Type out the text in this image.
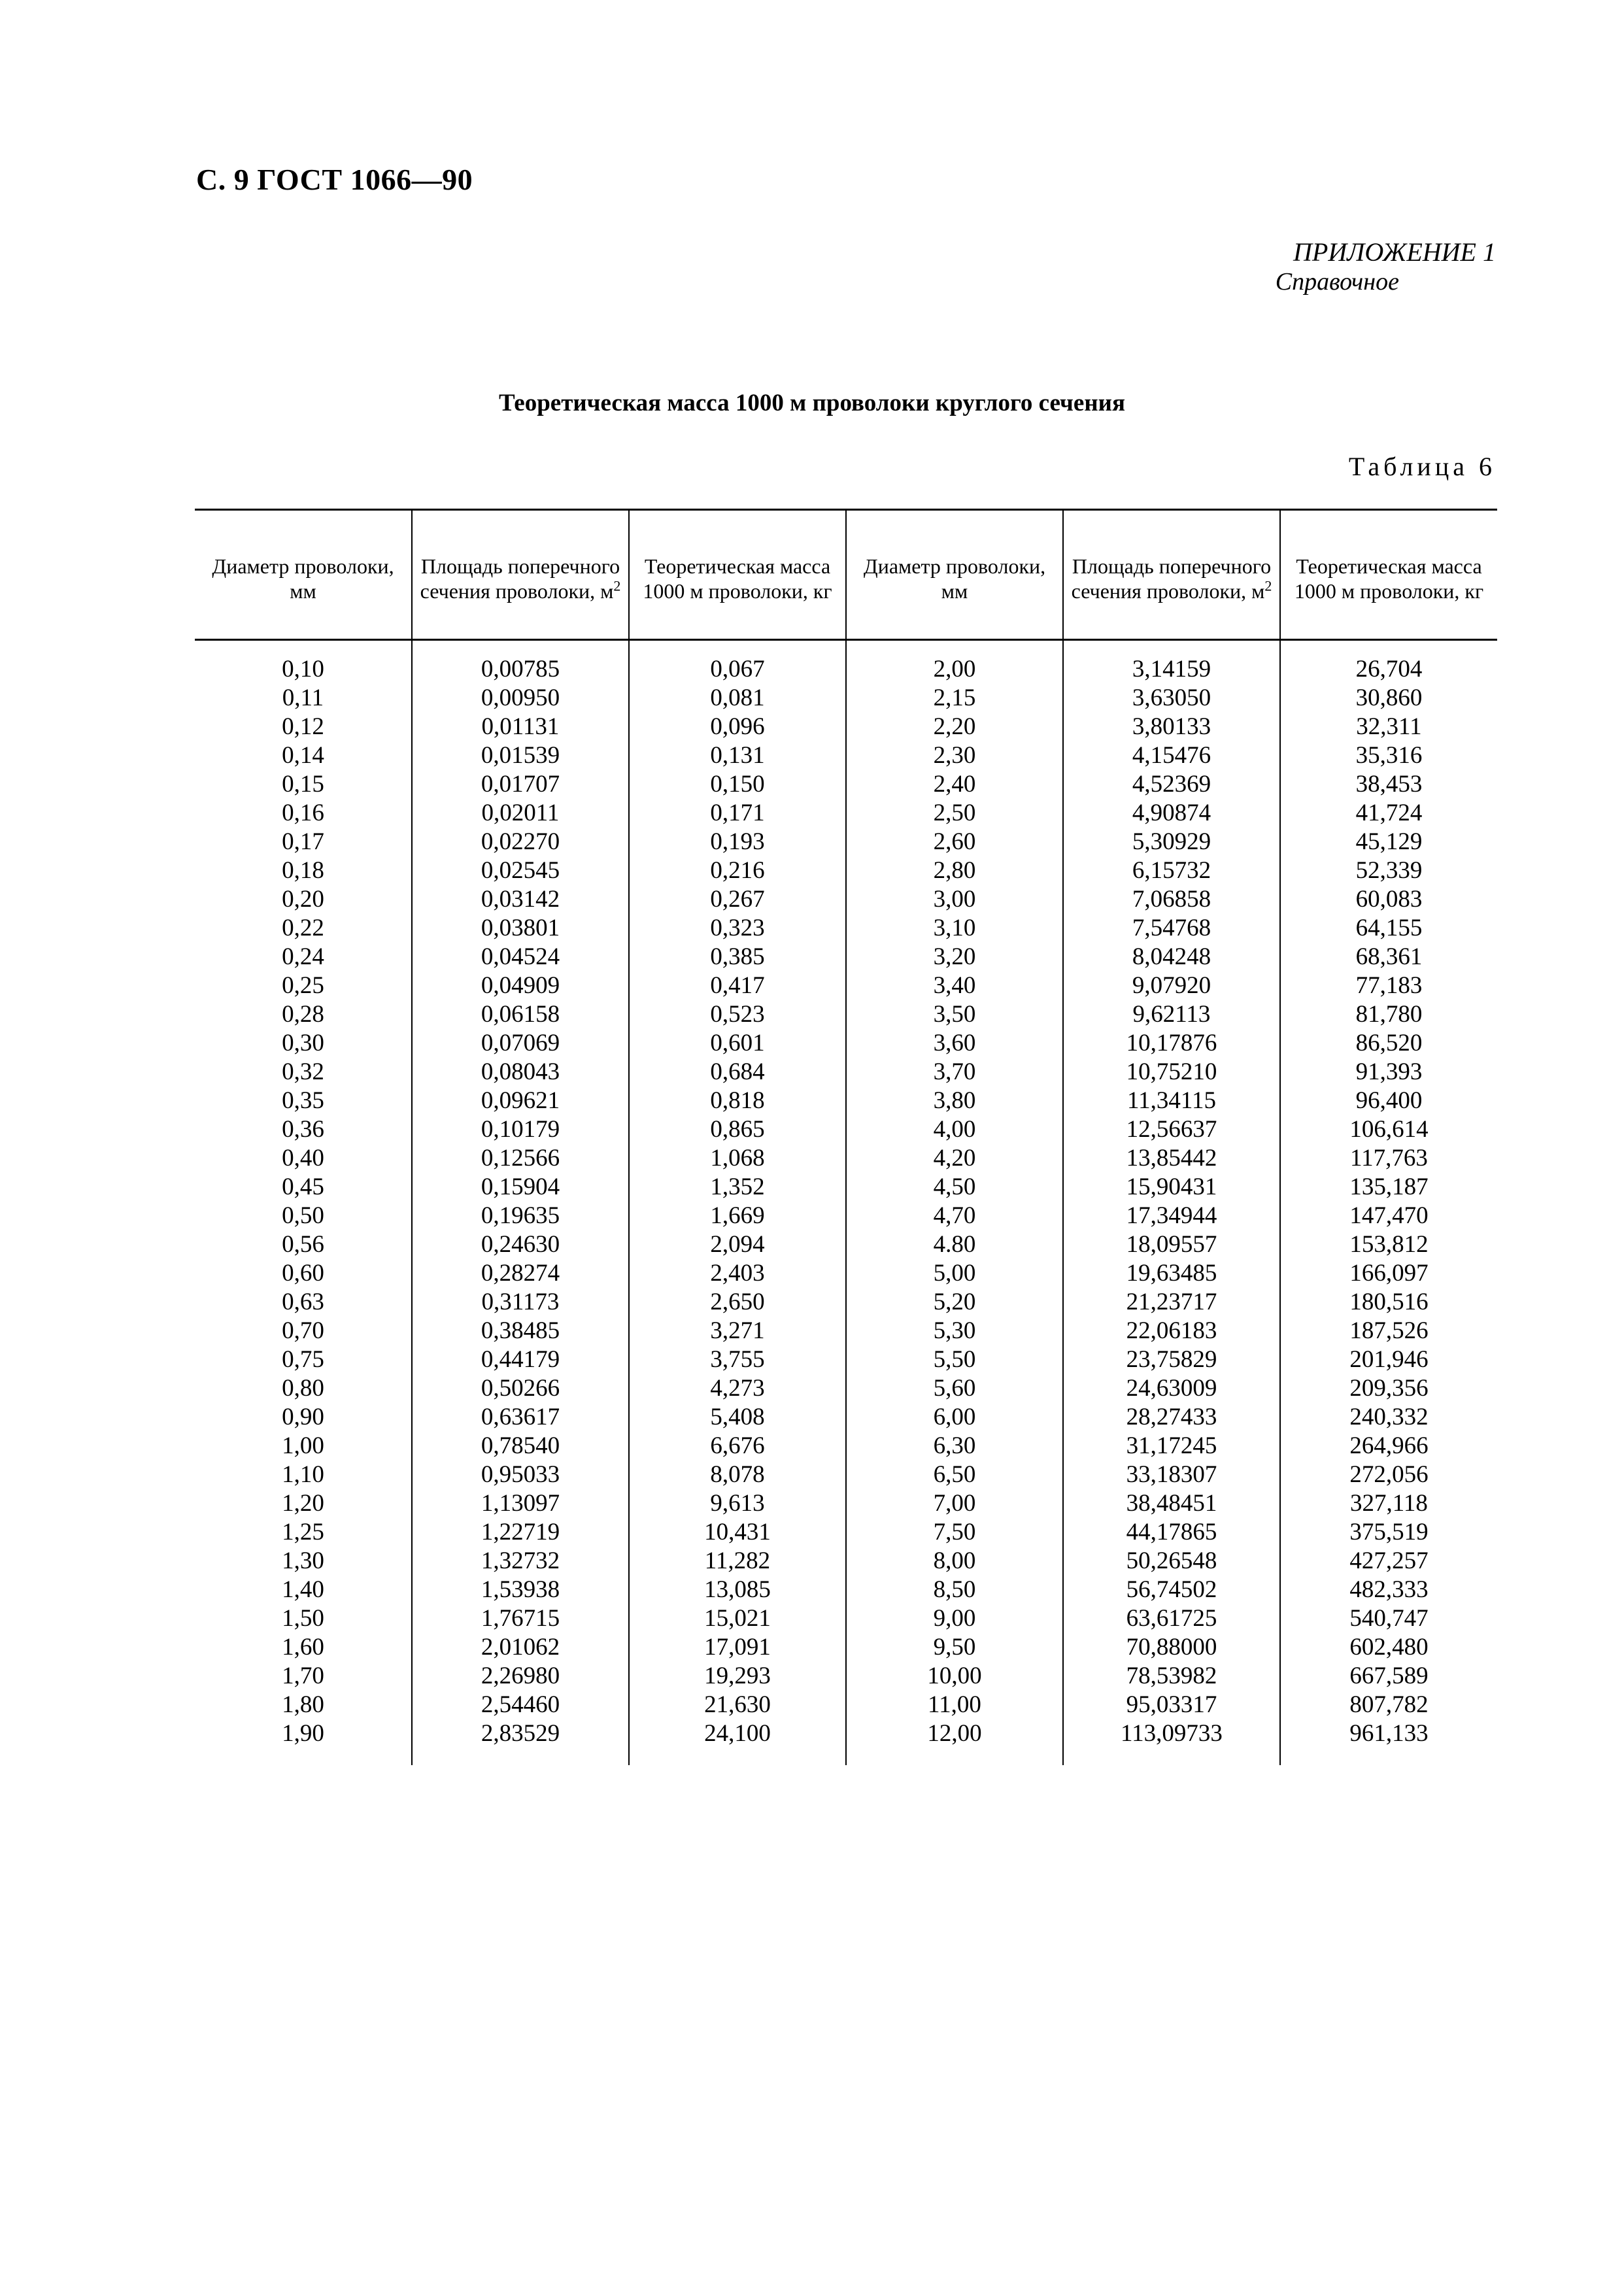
С. 9 ГОСТ 1066—90
ПРИЛОЖЕНИЕ 1
Справочное
Теоретическая масса 1000 м проволоки круглого сечения
Таблица 6
Диаметр проволоки, мм	Площадь поперечного сечения проволоки, $м^2$	Теоретическая масса 1000 м проволоки, кг	Диаметр проволоки, мм	Площадь поперечного сечения проволоки, $м^2$	Теоретическая масса 1000 м проволоки, кг
0,10	0,00785	0,067	2,00	3,14159	26,704
0,11	0,00950	0,081	2,15	3,63050	30,860
0,12	0,01131	0,096	2,20	3,80133	32,311
0,14	0,01539	0,131	2,30	4,15476	35,316
0,15	0,01707	0,150	2,40	4,52369	38,453
0,16	0,02011	0,171	2,50	4,90874	41,724
0,17	0,02270	0,193	2,60	5,30929	45,129
0,18	0,02545	0,216	2,80	6,15732	52,339
0,20	0,03142	0,267	3,00	7,06858	60,083
0,22	0,03801	0,323	3,10	7,54768	64,155
0,24	0,04524	0,385	3,20	8,04248	68,361
0,25	0,04909	0,417	3,40	9,07920	77,183
0,28	0,06158	0,523	3,50	9,62113	81,780
0,30	0,07069	0,601	3,60	10,17876	86,520
0,32	0,08043	0,684	3,70	10,75210	91,393
0,35	0,09621	0,818	3,80	11,34115	96,400
0,36	0,10179	0,865	4,00	12,56637	106,614
0,40	0,12566	1,068	4,20	13,85442	117,763
0,45	0,15904	1,352	4,50	15,90431	135,187
0,50	0,19635	1,669	4,70	17,34944	147,470
0,56	0,24630	2,094	4.80	18,09557	153,812
0,60	0,28274	2,403	5,00	19,63485	166,097
0,63	0,31173	2,650	5,20	21,23717	180,516
0,70	0,38485	3,271	5,30	22,06183	187,526
0,75	0,44179	3,755	5,50	23,75829	201,946
0,80	0,50266	4,273	5,60	24,63009	209,356
0,90	0,63617	5,408	6,00	28,27433	240,332
1,00	0,78540	6,676	6,30	31,17245	264,966
1,10	0,95033	8,078	6,50	33,18307	272,056
1,20	1,13097	9,613	7,00	38,48451	327,118
1,25	1,22719	10,431	7,50	44,17865	375,519
1,30	1,32732	11,282	8,00	50,26548	427,257
1,40	1,53938	13,085	8,50	56,74502	482,333
1,50	1,76715	15,021	9,00	63,61725	540,747
1,60	2,01062	17,091	9,50	70,88000	602,480
1,70	2,26980	19,293	10,00	78,53982	667,589
1,80	2,54460	21,630	11,00	95,03317	807,782
1,90	2,83529	24,100	12,00	113,09733	961,133
